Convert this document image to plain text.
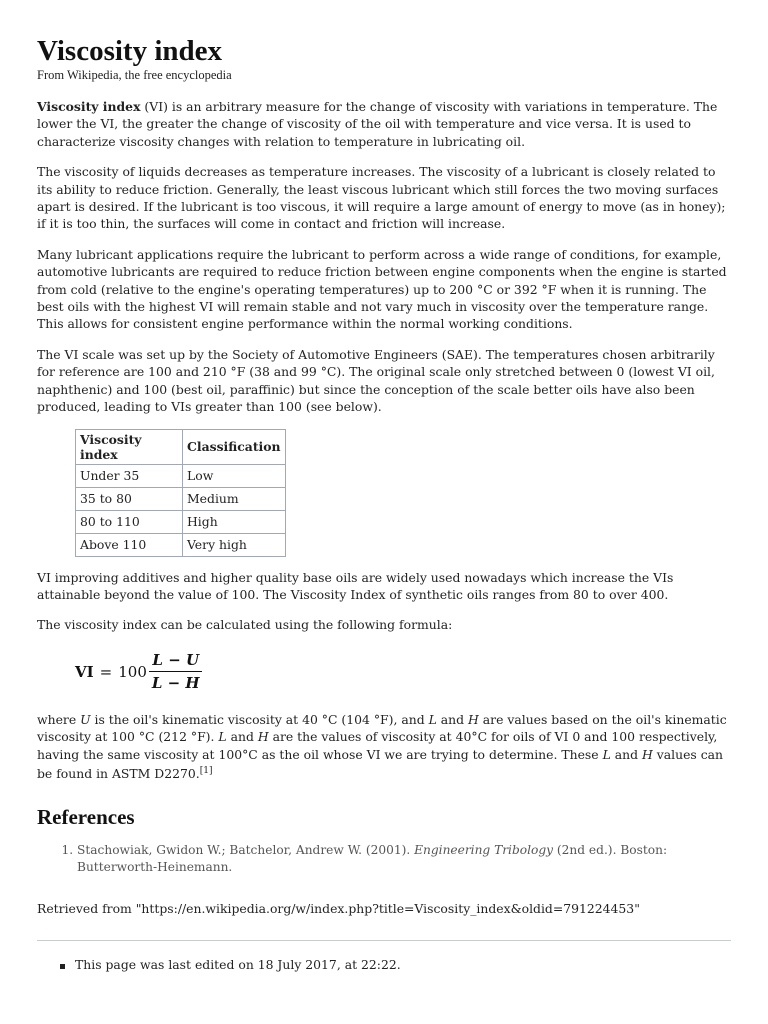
Viscosity index
From Wikipedia, the free encyclopedia

Viscosity index (VI) is an arbitrary measure for the change of viscosity with variations in temperature. The lower the VI, the greater the change of viscosity of the oil with temperature and vice versa. It is used to characterize viscosity changes with relation to temperature in lubricating oil.

The viscosity of liquids decreases as temperature increases. The viscosity of a lubricant is closely related to its ability to reduce friction. Generally, the least viscous lubricant which still forces the two moving surfaces apart is desired. If the lubricant is too viscous, it will require a large amount of energy to move (as in honey); if it is too thin, the surfaces will come in contact and friction will increase.

Many lubricant applications require the lubricant to perform across a wide range of conditions, for example, automotive lubricants are required to reduce friction between engine components when the engine is started from cold (relative to the engine's operating temperatures) up to 200 °C or 392 °F when it is running. The best oils with the highest VI will remain stable and not vary much in viscosity over the temperature range. This allows for consistent engine performance within the normal working conditions.

The VI scale was set up by the Society of Automotive Engineers (SAE). The temperatures chosen arbitrarily for reference are 100 and 210 °F (38 and 99 °C). The original scale only stretched between 0 (lowest VI oil, naphthenic) and 100 (best oil, paraffinic) but since the conception of the scale better oils have also been produced, leading to VIs greater than 100 (see below).

Viscosity index	Classification
Under 35	Low
35 to 80	Medium
80 to 110	High
Above 110	Very high

VI improving additives and higher quality base oils are widely used nowadays which increase the VIs attainable beyond the value of 100. The Viscosity Index of synthetic oils ranges from 80 to over 400.

The viscosity index can be calculated using the following formula:

VI = $100 \frac{L - U}{L - H}$

where U is the oil's kinematic viscosity at 40 °C (104 °F), and L and H are values based on the oil's kinematic viscosity at 100 °C (212 °F). L and H are the values of viscosity at 40°C for oils of VI 0 and 100 respectively, having the same viscosity at 100°C as the oil whose VI we are trying to determine. These L and H values can be found in ASTM D2270.[1]

References
1. Stachowiak, Gwidon W.; Batchelor, Andrew W. (2001). Engineering Tribology (2nd ed.). Boston: Butterworth-Heinemann.

Retrieved from "https://en.wikipedia.org/w/index.php?title=Viscosity_index&oldid=791224453"

This page was last edited on 18 July 2017, at 22:22.
